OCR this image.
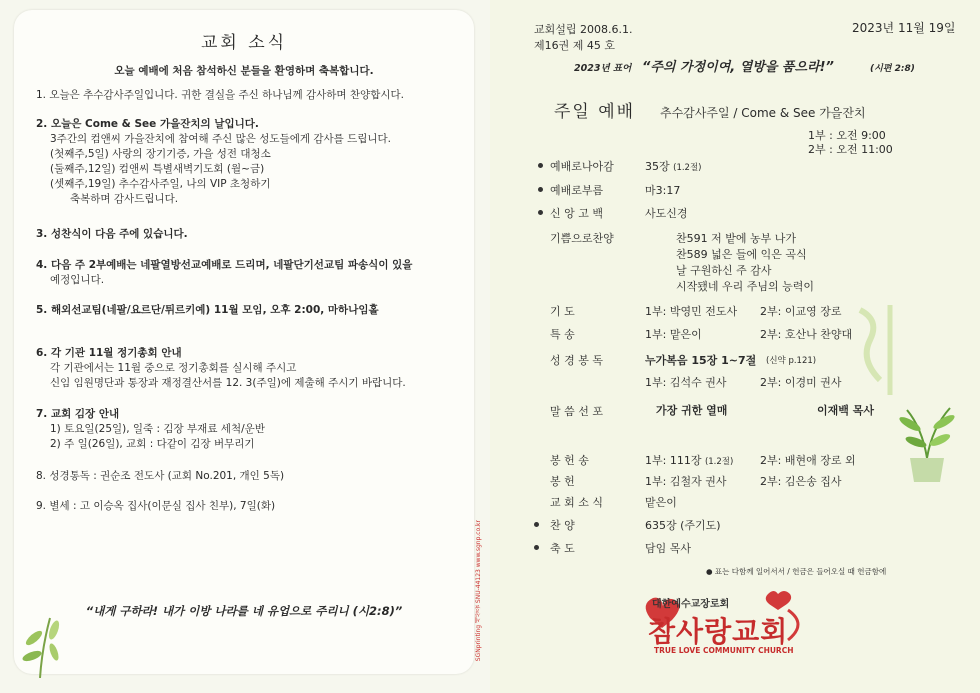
교회 소식
오늘 예배에 처음 참석하신 분들을 환영하며 축복합니다.
1. 오늘은 추수감사주일입니다. 귀한 결실을 주신 하나님께 감사하며 찬양합시다.
2. 오늘은 Come & See 가을잔치의 날입니다.
3주간의 컴앤씨 가을잔치에 참여해 주신 많은 성도들에게 감사를 드립니다.
(첫째주,5일) 사랑의 장기기증, 가을 성전 대청소
(둘째주,12일) 컴앤씨 특별새벽기도회 (월~금)
(셋째주,19일) 추수감사주일, 나의 VIP 초청하기
축복하며 감사드립니다.
3. 성찬식이 다음 주에 있습니다.
4. 다음 주 2부예배는 네팔열방선교예배로 드리며, 네팔단기선교팀 파송식이 있을
예정입니다.
5. 해외선교팀(네팔/요르단/튀르키예) 11월 모임, 오후 2:00, 마하나임홀
6. 각 기관 11월 정기총회 안내
각 기관에서는 11월 중으로 정기총회를 실시해 주시고
신임 임원명단과 통장과 재정결산서를 12. 3(주일)에 제출해 주시기 바랍니다.
7. 교회 김장 안내
1) 토요일(25일), 일죽 : 김장 부재료 세척/운반
2) 주 일(26일), 교회 : 다같이 김장 버무리기
8. 성경통독 : 권순조 전도사 (교회 No.201, 개인 5독)
9. 별세 : 고 이승옥 집사(이문실 집사 친부), 7일(화)
“내게 구하라! 내가 이방 나라를 네 유업으로 주리니 (시2:8)”	SGNprinting 세상을 SNU-44123 www.sgnp.co.kr
교회설립 2008.6.1.
제16권 제 45 호
2023년 11월 19일
2023년 표어 “주의 가정이여, 열방을 품으라!”	(시편 2:8)
주일 예배 추수감사주일 / Come & See 가을잔치
1부 : 오전 9:00
2부 : 오전 11:00
예배로나아감	35장 (1.2절)
예배로부름	마3:17
신 앙 고 백	사도신경
기쁨으로찬양	찬591 저 밭에 농부 나가
찬589 넓은 들에 익은 곡식
날 구원하신 주 감사
시작됐네 우리 주님의 능력이
기 도	1부: 박영민 전도사 2부: 이교영 장로
특 송	1부: 맡은이	2부: 호산나 찬양대
성 경 봉 독	누가복음 15장 1~7절 (신약 p.121)
1부: 김석수 권사	2부: 이경미 권사
말 씀 선 포	가장 귀한 열매	이재백 목사
봉 헌 송	1부: 111장 (1.2절) 2부: 배현애 장로 외
봉 헌	1부: 김철자 권사	2부: 김은송 집사
교 회 소 식	맡은이
찬 양	635장 (주기도)
축 도	담임 목사
● 표는 다함께 일어서서 / 헌금은 들어오실 때 헌금함에
대한예수교장로회
참사랑교회
TRUE LOVE COMMUNITY CHURCH
